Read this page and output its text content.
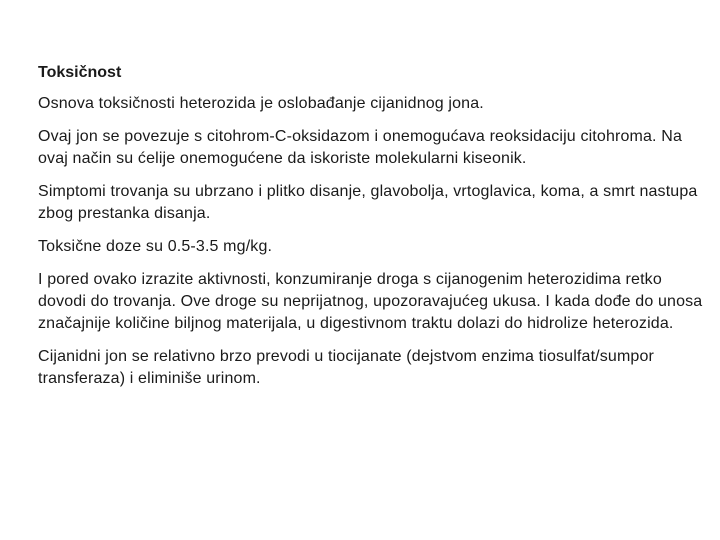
Toksičnost
Osnova toksičnosti heterozida je oslobađanje cijanidnog jona.
Ovaj jon se povezuje s citohrom-C-oksidazom i onemogućava reoksidaciju citohroma. Na ovaj način su ćelije onemogućene da iskoriste molekularni kiseonik.
Simptomi trovanja su ubrzano i plitko disanje, glavobolja, vrtoglavica, koma, a smrt nastupa zbog prestanka disanja.
Toksične doze su 0.5-3.5 mg/kg.
I pored ovako izrazite aktivnosti, konzumiranje droga s cijanogenim heterozidima retko dovodi do trovanja. Ove droge su neprijatnog, upozoravajućeg ukusa. I kada dođe do unosa značajnije količine biljnog materijala, u digestivnom traktu dolazi do hidrolize heterozida.
Cijanidni jon se relativno brzo prevodi u tiocijanate (dejstvom enzima tiosulfat/sumpor transferaza) i eliminiše urinom.
